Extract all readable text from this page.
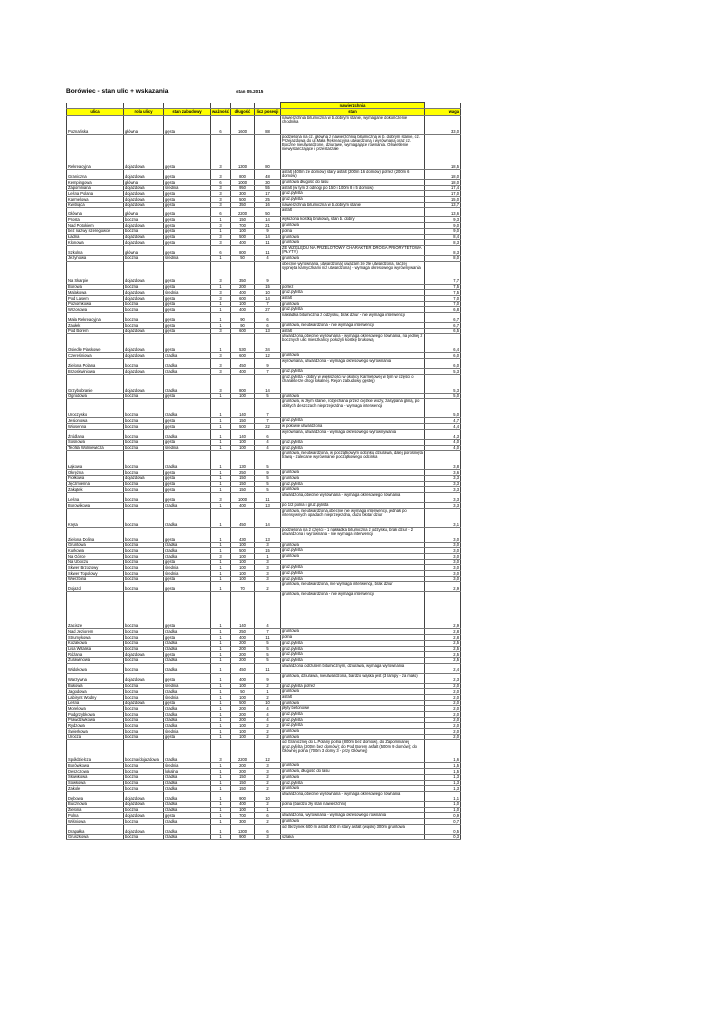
Borówiec - stan ulic + wskazania	stan 05.2015
						nawierzchnia	
ulica	rola ulicy	stan zabudowy	ważność	długość	licz posesji	stan	waga
Poznańska	główna	gęsta	6	1600	88	nawierzchnia bitumiczna w b.dobrym stanie, wymagane dokończenie chodnika	33,0
Rekreacyjna	dojazdowa	gęsta	3	1300	80	podzielona na cz. główną z nawierzchnią bitumiczną w b. dobrym stanie, cz. Przejazdową do ul.Mała Rekreacyjna utwardzoną i wyrównaną oraz cz. Boczne nieutwardzone, dziurawe, wymagające równania. Oświetlenie niewystarczające i przestarzałe	18,5
Graniczna	dojazdowa	gęsta	3	800	48	asfalt (400m ze domów) stary asfalt (200m 16 domów) pofrez (200m 6 domów)	18,0
Kempingowa	główna	gęsta	6	1000	30	gruntowa długość do lasu	18,0
Zapomniana	dojazdowa	średnia	3	950	55	asfalt (w tym 2 odnogi po 150 i 100m 8 i 5 domów)	17,4
Leśna Polana	dojazdowa	gęsta	3	300	17	gruz.pyliśta	17,0
Karmelowa	dojazdowa	gęsta	3	500	25	gruz.pyliśta	15,0
Kwitnąca	dojazdowa	gęsta	3	350	16	nawierzchnia bitumiczna w b.dobrym stanie	13,7
Główna	główna	gęsta	6	2200	50	asfalt	13,6
Prosta	boczna	gęsta	1	150	14	wyłożona kostką brukową, stan b. dobry	9,3
Nad Potokiem	dojazdowa	gęsta	3	700	21	gruntowa	9,0
bez nazwy szeregowce	boczna	gęsta	1	100	9	polna	9,0
Ładna	dojazdowa	gęsta	3	500	14	gruntowa	8,4
Klonowa	dojazdowa	gęsta	3	400	11	gruntowa	8,3
Szkolna	główna	gęsta	6	800	11	ZE WZGLĘDU NA PRZELOTOWY CHARAKTER DROGA PRIORYTETOWA (PŁYTY)	8,3
Jeżynowa	boczna	średnia	1	50	4	gruntowa	8,0
Na Skarpie	dojazdowa	gęsta	3	350	9	obecnie wyrównana, utwardzona( uważam że źle utwardzona, raczej sypnięta kamyczkami niż utwardzona) - wymaga okresowego wyrównywania	7,7
Borowa	boczna	gęsta	1	200	15	pofrez	7,5
Malakowa	dojazdowa	średnia	3	400	10	gruz.pyliśta	7,5
Pod Lasem	dojazdowa	gęsta	3	600	14	asfalt	7,0
Poziomkowa	boczna	gęsta	1	100	7	gruntowa	7,0
Wrzosowa	boczna	gęsta	1	400	27	gruz.pyliśta	6,8
Mała Rekreacyjna	boczna	gęsta	1	90	6	nakładka bitumiczna z odzysku, brak dziur - nie wymaga interwencji	6,7
Zaułek	boczna	gęsta	1	90	6	gruntowa, nieutwardzona - nie wymaga interwencji	6,7
Pod Borem	dojazdowa	gęsta	3	600	13	asfalt	6,5
Osiedle Piaskowe	dojazdowa	gęsta	1	530	34	utwardzona,obecnie wyrównana - wymaga okresowego równania, na jednej z bocznych ulic mieszkańcy położyli kostkę brukową	6,4
Czereśniowa	dojazdowa	rzadka	3	600	12	gruntowa	6,0
Zielona Polana	boczna	rzadka	3	450	9	wyrównana, utwardzona - wymaga okresowego wyrównania	6,0
Brzoskwiniowa	dojazdowa	rzadka	3	400	7	gruz.pyliśta	5,3
Grzybobranie	dojazdowa	rzadka	3	800	14	gruz.pyliśta - dobry w większości w okolicy Karmelowej w tym w części o charakterze drogi lokalnej. Rejon zabudowy gęstej)	5,3
Ogrodowa	boczna	gęsta	1	100	5	gruntowa	5,0
Uroczysko	boczna	rzadka	1	140	7	gruntowa, w złym stanie, rozjechana przez ciężkie wozy, zasypana gliną, po oblitych deszczach nieprzejezdna - wymaga interwencji	5,0
Jesionowa	boczna	gęsta	1	150	7	gruz.pyliśta	4,7
Wiosenna	boczna	gęsta	1	500	22	w połowie utwardzona	4,4
Źródlana	boczna	rzadka	1	140	6	wyrównana, utwardzona - wymaga okresowego wyrównywania	4,3
Sosnowa	boczna	gęsta	1	100	4	gruz.pyliśta	4,0
Teofila Wolniewicza	boczna	średnia	1	100	4	gruz.pyliśta	4,0
Łąkowa	boczna	rzadka	1	130	5	gruntowa, nieutwardzona, w początkowym odcinku dziurawa, dalej porośnięta trawą - zalecane wyrównanie początkowego odcinka	3,8
Okrężna	boczna	gęsta	1	250	9	gruntowa	3,6
Fiołkowa	dojazdowa	gęsta	1	150	5	gruntowa	3,3
Jęczmienna	boczna	gęsta	1	150	5	gruz.pyliśta	3,3
Zakątek	boczna	gęsta	1	150	5	gruntowa	3,3
Leśna	boczna	gęsta	3	1000	11	utwardzona,obecnie wyrównana - wymaga okresowego równania	3,3
Borowikowa	boczna	rzadka	1	400	13	pó 1/2 polna i gruz.pyliśta	3,3
Kręta	boczna	rzadka	1	450	14	gruntowa, nieutwardzona,obecnie nie wymaga interwencji, jednak po intensywnych opadach nieprzejezdna, dużo błota/ dziur	3,1
Zielona Dolina	boczna	gęsta	1	430	13	podzielona na 2 części - 1 nakładka bitumiczna z odzysku, brak dziur - 2 utwardzona i wyrównana - nie wymaga interwencji	3,0
Gruntowa	boczna	rzadka	1	100	3	gruntowa	3,0
Kurkowa	boczna	rzadka	1	500	15	gruz.pyliśta	3,0
Na Górce	boczna	rzadka	3	100	1	gruntowa	3,0
Na Uboczu	boczna	gęsta	1	100	3		3,0
Skwer Brzozowy	boczna	średnia	1	100	3	gruz.pyliśta	3,0
Skwer Topolowy	boczna	średnia	1	100	3	gruz.pyliśta	3,0
Wierzbina	boczna	gęsta	1	100	3	gruz.pyliśta	3,0
Dojazd	boczna	gęsta	1	70	2	gruntowa, nieutwardzona, nie wymaga interwencji, brak dziur	2,9
Zacisze	boczna	gęsta	1	140	4	gruntowa, nieutwardzona - nie wymaga interwencji	2,9
Nad Jeziorem	boczna	rzadka	1	250	7	gruntowa	2,8
Strumykowa	boczna	gęsta	1	400	11	polna	2,8
Kozakowa	boczna	rzadka	1	200	5	gruz.pyliśta	2,5
Lisa Witalisa	boczna	rzadka	1	200	5	gruz.pyliśta	2,5
Różana	dojazdowa	gęsta	1	200	5	gruz.pyliśta	2,5
Żurawinowa	boczna	rzadka	1	200	5	gruz.pyliśta	2,5
Widokowa	boczna	rzadka	1	450	11	utwardzona odrzutem bitumicznym, dziurawa, wymaga wyrównania	2,4
Warzywna	dojazdowa	gęsta	1	400	9	gruntowa, dziurawa, nieutwardzona, bardzo wąska jest (3 lampy - za mało)	2,3
Bukowa	boczna	średnia	1	100	2	gruz.pyliśta pofrez	2,0
Jagodowa	boczna	rzadka	1	50	1	gruntowa	2,0
Labirynt Wodny	boczna	średnia	1	100	2	asfalt	2,0
Leśna	dojazdowa	gęsta	1	500	10	gruntowa	2,0
Morelowa	boczna	rzadka	1	200	4	płyty betonowe	2,0
Podgrzybkowa	boczna	rzadka	1	200	4	gruz.pyliśta	2,0
Prawdziwkowa	boczna	rzadka	1	200	4	gruz.pyliśta	2,0
Rydzowa	boczna	rzadka	1	100	2	gruz.pyliśta	2,0
Świerkowa	boczna	średnia	1	100	2	gruntowa	2,0
Urocza	boczna	gęsta	1	100	2	gruntowa	2,0
Spółdzielcza	boczna/dojazdowa	rzadka	3	2200	12	od Granicznej do L.Polany polna (800m bez domów), do Zapomnianej gruz.pyliśta (200m bez domów); do Pod Borem asfalt (500m 9 domów); do Głównej polna (700m 3 domy 3 - przy Głównej)	1,6
Borówkowa	boczna	średnia	1	200	3	gruntowa	1,5
Deszczowa	boczna	lokalna	1	200	3	gruntowa, długość do lasu	1,5
Słowikowa	boczna	rzadka	1	150	2	gruntowa	1,3
Sówkowa	boczna	rzadka	1	150	2	gruz.pyliśta	1,3
Zakole	boczna	rzadka	1	150	2	gruntowa	1,3
Dębowa	dojazdowa	rzadka	1	900	10	utwardzona,obecnie wyrównana - wymaga okresowego równania	1,1
Bucznowa	dojazdowa	rzadka	1	400	2	polna (bardzo zły stan nawierzchni)	1,0
Zielona	boczna	rzadka	1	100	1		1,0
Polna	dojazdowa	gęsta	1	700	6	utwardzona, wyrównana - wymaga okresowego równania	0,9
Wiśniowa	boczna	rzadka	1	300	2	gruntowa	0,7
Drapałka	dojazdowa	rzadka	1	1300	6	od Skrzynek 600 m asfalt 400 m stary asfalt (wąski) 300m gruntowa	0,5
Gruszkowa	boczna	rzadka	1	900	3	szlaka	0,3
